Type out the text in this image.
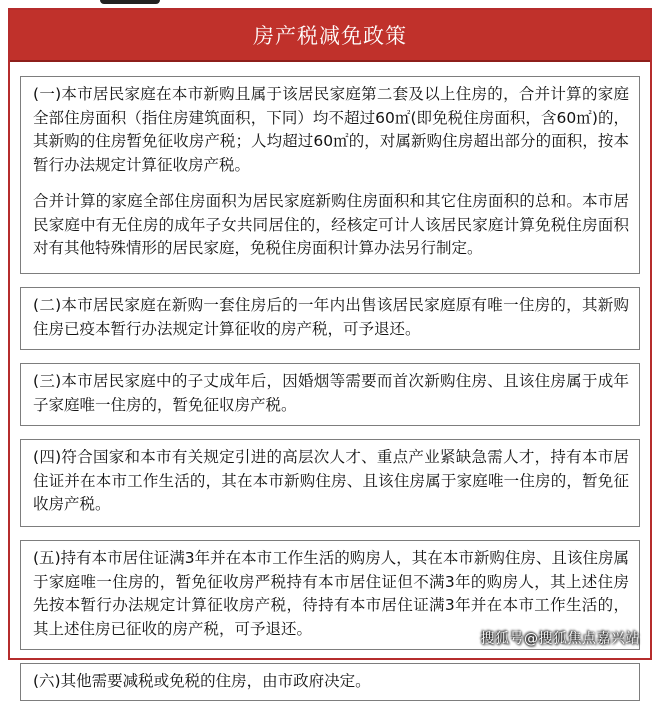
房产税减免政策

(一)本市居民家庭在本市新购且属于该居民家庭第二套及以上住房的，合并计算的家庭全部住房面积（指住房建筑面积，下同）均不超过60㎡(即免税住房面积，含60㎡)的，其新购的住房暂免征收房产税；人均超过60㎡的，对属新购住房超出部分的面积，按本暂行办法规定计算征收房产税。

合并计算的家庭全部住房面积为居民家庭新购住房面积和其它住房面积的总和。本市居民家庭中有无住房的成年子女共同居住的，经核定可计人该居民家庭计算免税住房面积对有其他特殊情形的居民家庭，免税住房面积计算办法另行制定。

(二)本市居民家庭在新购一套住房后的一年内出售该居民家庭原有唯一住房的，其新购住房已疫本暂行办法规定计算征收的房产税，可予退还。

(三)本市居民家庭中的子丈成年后，因婚烟等需要而首次新购住房、且该住房属于成年子家庭唯一住房的，暂免征収房产税。

(四)符合国家和本市有关规定引进的高层次人才、重点产业紧缺急需人才，持有本市居住证并在本市工作生活的，其在本市新购住房、且该住房属于家庭唯一住房的，暂免征收房产税。

(五)持有本市居住证满3年并在本市工作生活的购房人，其在本市新购住房、且该住房属于家庭唯一住房的，暂免征收房严税持有本市居住证但不满3年的购房人，其上述住房先按本暂行办法规定计算征收房产税，待持有本市居住证满3年并在本市工作生活的，其上述住房已征收的房产税，可予退还。

(六)其他需要减税或免税的住房，由市政府决定。

搜狐号@搜狐焦点嘉兴站
